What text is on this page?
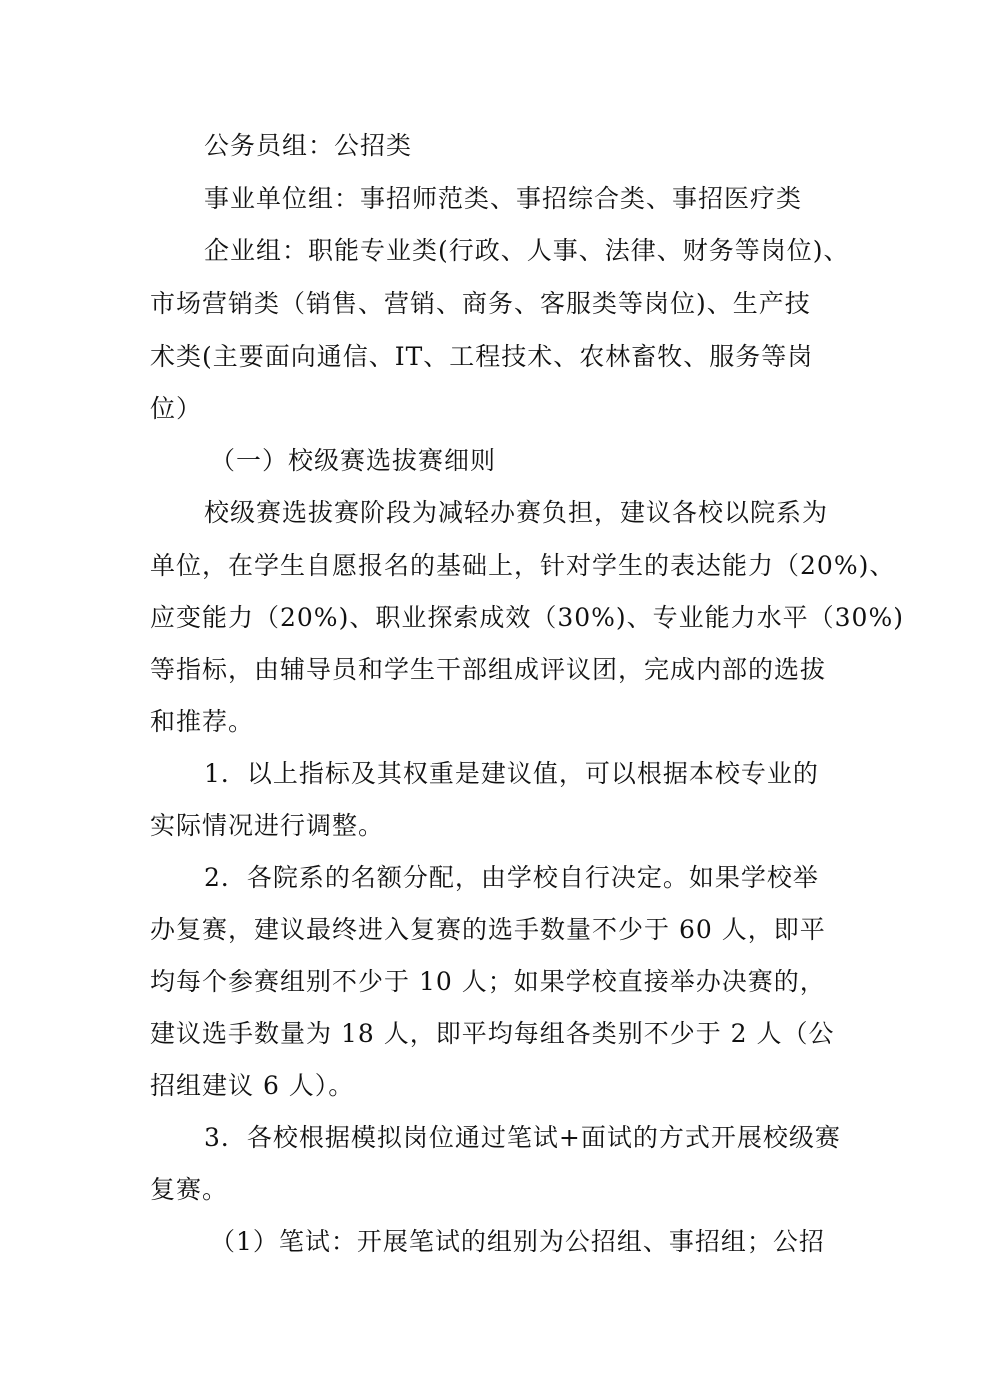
公务员组：公招类
事业单位组：事招师范类、事招综合类、事招医疗类
企业组：职能专业类(行政、人事、法律、财务等岗位)、
市场营销类（销售、营销、商务、客服类等岗位)、生产技
术类(主要面向通信、IT、工程技术、农林畜牧、服务等岗
位）
（一）校级赛选拔赛细则
校级赛选拔赛阶段为减轻办赛负担，建议各校以院系为
单位，在学生自愿报名的基础上，针对学生的表达能力（20%)、
应变能力（20%)、职业探索成效（30%)、专业能力水平（30%)
等指标，由辅导员和学生干部组成评议团，完成内部的选拔
和推荐。
1．以上指标及其权重是建议值，可以根据本校专业的
实际情况进行调整。
2．各院系的名额分配，由学校自行决定。如果学校举
办复赛，建议最终进入复赛的选手数量不少于 60 人，即平
均每个参赛组别不少于 10 人；如果学校直接举办决赛的，
建议选手数量为 18 人，即平均每组各类别不少于 2 人（公
招组建议 6 人）。
3．各校根据模拟岗位通过笔试+面试的方式开展校级赛
复赛。
（1）笔试：开展笔试的组别为公招组、事招组；公招
